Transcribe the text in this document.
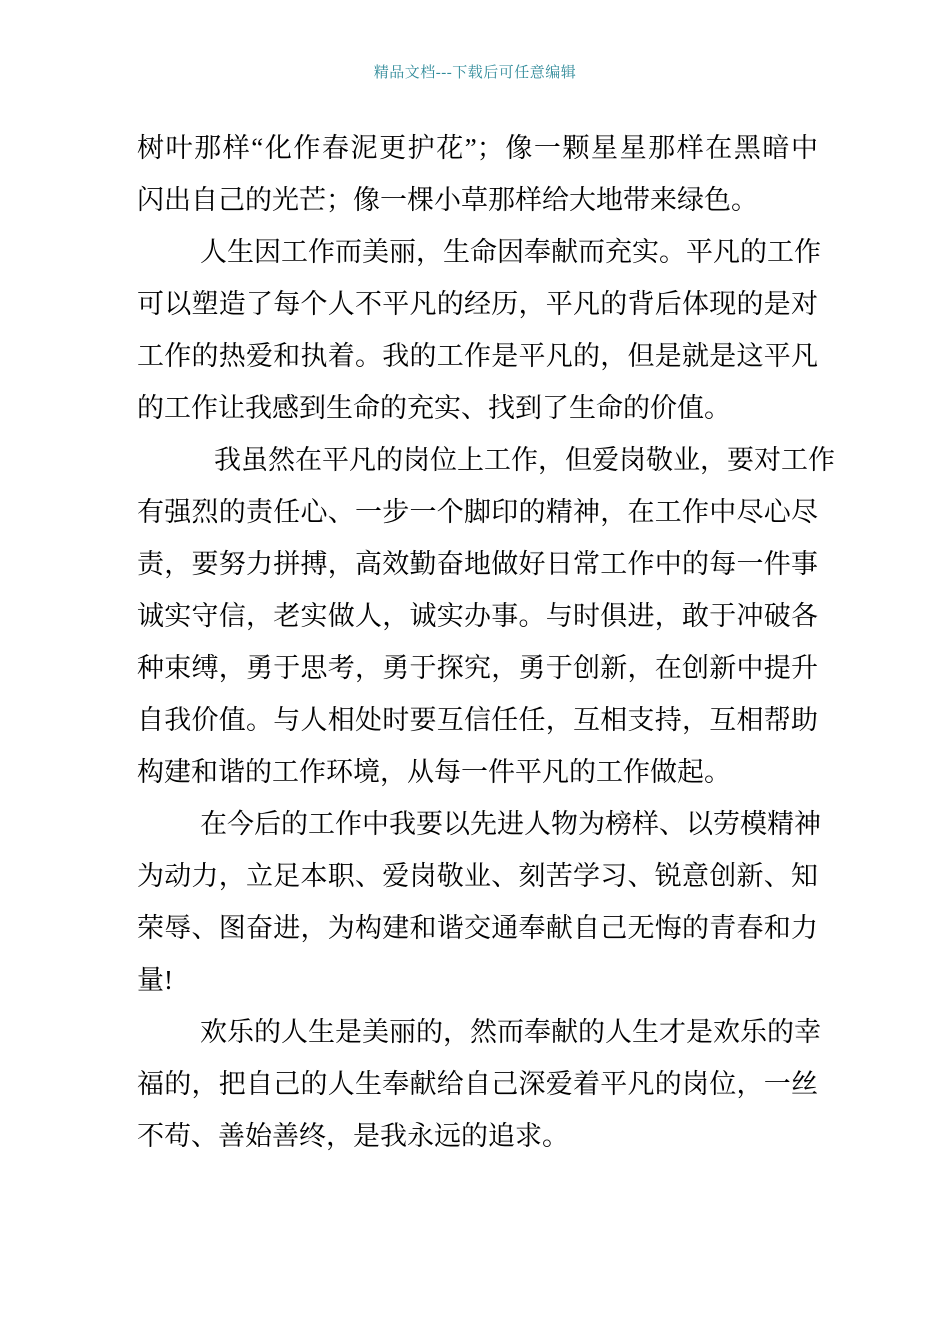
精品文档---下载后可任意编辑
树叶那样“化作春泥更护花”；像一颗星星那样在黑暗中
闪出自己的光芒；像一棵小草那样给大地带来绿色。
人生因工作而美丽，生命因奉献而充实。平凡的工作
可以塑造了每个人不平凡的经历，平凡的背后体现的是对
工作的热爱和执着。我的工作是平凡的，但是就是这平凡
的工作让我感到生命的充实、找到了生命的价值。
我虽然在平凡的岗位上工作，但爱岗敬业，要对工作
有强烈的责任心、一步一个脚印的精神，在工作中尽心尽
责，要努力拼搏，高效勤奋地做好日常工作中的每一件事
诚实守信，老实做人，诚实办事。与时俱进，敢于冲破各
种束缚，勇于思考，勇于探究，勇于创新，在创新中提升
自我价值。与人相处时要互信任任，互相支持，互相帮助
构建和谐的工作环境，从每一件平凡的工作做起。
在今后的工作中我要以先进人物为榜样、以劳模精神
为动力，立足本职、爱岗敬业、刻苦学习、锐意创新、知
荣辱、图奋进，为构建和谐交通奉献自己无悔的青春和力
量!
欢乐的人生是美丽的，然而奉献的人生才是欢乐的幸
福的，把自己的人生奉献给自己深爱着平凡的岗位，一丝
不苟、善始善终，是我永远的追求。
